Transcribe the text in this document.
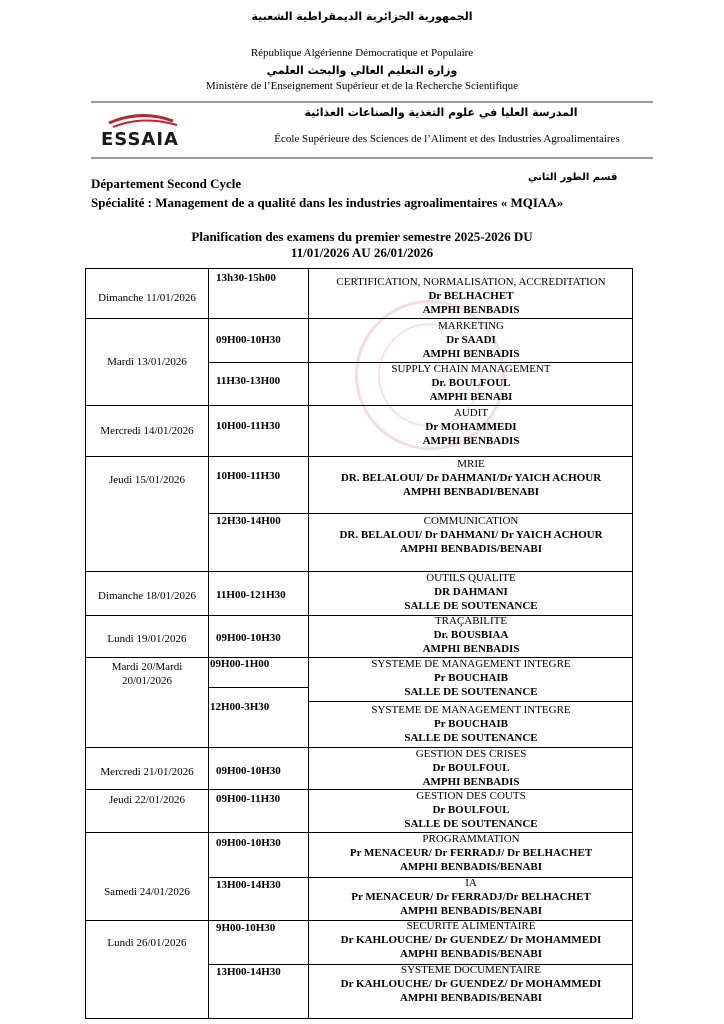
الجمهورية الجزائرية الديمقراطية الشعبية
République Algérienne Démocratique et Populaire
وزارة التعليم العالي والبحث العلمي
Ministère de l’Enseignement Supérieur et de la Recherche Scientifique
ESSAIA
المدرسة العليا في علوم التغذية والصناعات الغذائية
École Supérieure des Sciences de l’Aliment et des Industries Agroalimentaires
Département Second Cycle	قسم الطور الثاني
Spécialité : Management de a qualité dans les industries agroalimentaires « MQIAA»
Planification des examens du premier semestre 2025-2026 DU
11/01/2026 AU 26/01/2026
Dimanche 11/01/2026
Mardi 13/01/2026
Mercredi 14/01/2026
Jeudi 15/01/2026
Dimanche 18/01/2026
Lundi 19/01/2026
Mardi 20/Mardi 20/01/2026
Mercredi 21/01/2026
Jeudi 22/01/2026
Samedi 24/01/2026
Lundi 26/01/2026
13h30-15h00
09H00-10H30
11H30-13H00
10H00-11H30
10H00-11H30
12H30-14H00
11H00-121H30
09H00-10H30
09H00-1H00
12H00-3H30
09H00-10H30
09H00-11H30
09H00-10H30
13H00-14H30
9H00-10H30
13H00-14H30
CERTIFICATION, NORMALISATION, ACCREDITATION
Dr BELHACHET
AMPHI BENBADIS
MARKETING
Dr SAADI
AMPHI BENBADIS
SUPPLY CHAIN MANAGEMENT
Dr. BOULFOUL
AMPHI BENABI
AUDIT
Dr MOHAMMEDI
AMPHI BENBADIS
MRIE
DR. BELALOUI/ Dr DAHMANI/Dr YAICH ACHOUR
AMPHI BENBADI/BENABI
COMMUNICATION
DR. BELALOUI/ Dr DAHMANI/ Dr YAICH ACHOUR
AMPHI BENBADIS/BENABI
OUTILS QUALITE
DR DAHMANI
SALLE DE SOUTENANCE
TRAÇABILITE
Dr. BOUSBIAA
AMPHI BENBADIS
SYSTEME DE MANAGEMENT INTEGRE
Pr BOUCHAIB
SALLE DE SOUTENANCE
SYSTEME DE MANAGEMENT INTEGRE
Pr BOUCHAIB
SALLE DE SOUTENANCE
GESTION DES CRISES
Dr BOULFOUL
AMPHI BENBADIS
GESTION DES COUTS
Dr BOULFOUL
SALLE DE SOUTENANCE
PROGRAMMATION
Pr MENACEUR/ Dr FERRADJ/ Dr BELHACHET
AMPHI BENBADIS/BENABI
IA
Pr MENACEUR/ Dr FERRADJ/Dr BELHACHET
AMPHI BENBADIS/BENABI
SECURITE ALIMENTAIRE
Dr KAHLOUCHE/ Dr GUENDEZ/ Dr MOHAMMEDI
AMPHI BENBADIS/BENABI
SYSTEME DOCUMENTAIRE
Dr KAHLOUCHE/ Dr GUENDEZ/ Dr MOHAMMEDI
AMPHI BENBADIS/BENABI
